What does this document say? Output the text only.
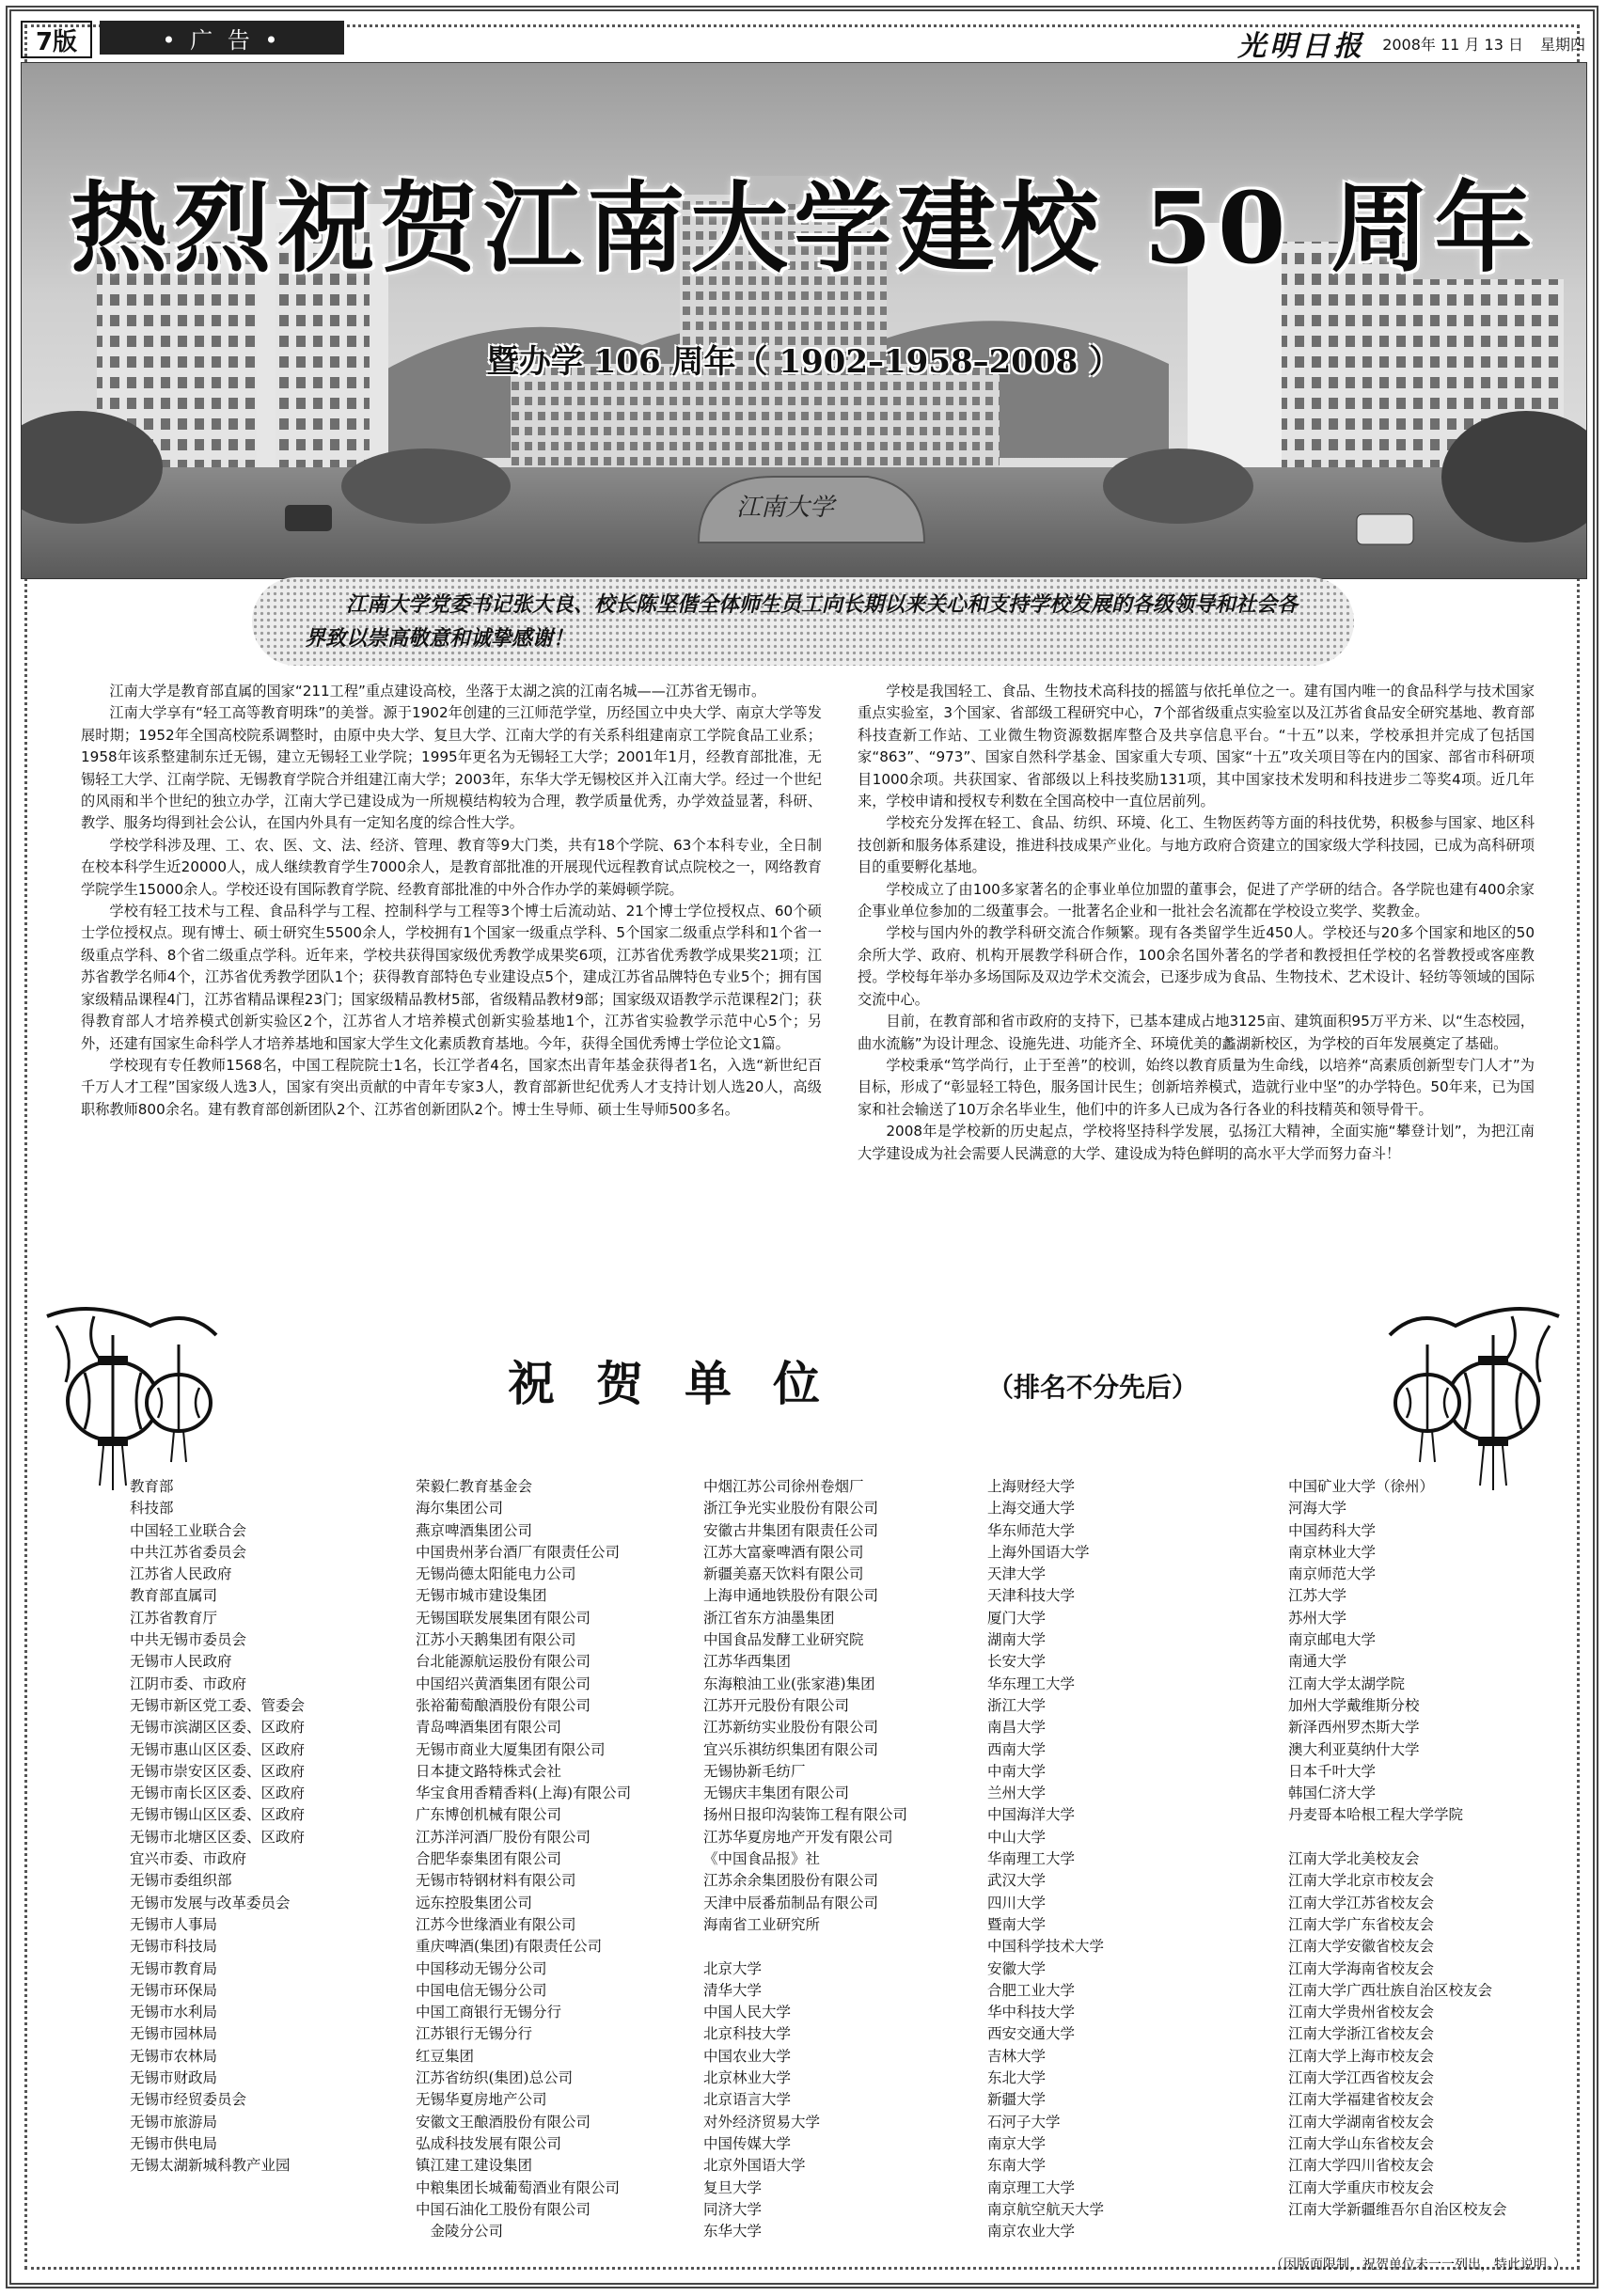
7版	• 广 告 •	光明日报 2008年 11 月 13 日 星期四
热烈祝贺江南大学建校 50 周年
暨办学 106 周年（ 1902–1958–2008 ）
江南大学

江南大学党委书记张大良、校长陈坚偕全体师生员工向长期以来关心和支持学校发展的各级领导和社会各界致以崇高敬意和诚挚感谢！

江南大学是教育部直属的国家“211工程”重点建设高校，坐落于太湖之滨的江南名城——江苏省无锡市。

江南大学享有“轻工高等教育明珠”的美誉。源于1902年创建的三江师范学堂，历经国立中央大学、南京大学等发展时期；1952年全国高校院系调整时，由原中央大学、复旦大学、江南大学的有关系科组建南京工学院食品工业系；1958年该系整建制东迁无锡，建立无锡轻工业学院；1995年更名为无锡轻工大学；2001年1月，经教育部批准，无锡轻工大学、江南学院、无锡教育学院合并组建江南大学；2003年，东华大学无锡校区并入江南大学。经过一个世纪的风雨和半个世纪的独立办学，江南大学已建设成为一所规模结构较为合理，教学质量优秀，办学效益显著，科研、教学、服务均得到社会公认，在国内外具有一定知名度的综合性大学。

学校学科涉及理、工、农、医、文、法、经济、管理、教育等9大门类，共有18个学院、63个本科专业，全日制在校本科学生近20000人，成人继续教育学生7000余人，是教育部批准的开展现代远程教育试点院校之一，网络教育学院学生15000余人。学校还设有国际教育学院、经教育部批准的中外合作办学的莱姆顿学院。

学校有轻工技术与工程、食品科学与工程、控制科学与工程等3个博士后流动站、21个博士学位授权点、60个硕士学位授权点。现有博士、硕士研究生5500余人，学校拥有1个国家一级重点学科、5个国家二级重点学科和1个省一级重点学科、8个省二级重点学科。近年来，学校共获得国家级优秀教学成果奖6项，江苏省优秀教学成果奖21项；江苏省教学名师4个，江苏省优秀教学团队1个；获得教育部特色专业建设点5个，建成江苏省品牌特色专业5个；拥有国家级精品课程4门，江苏省精品课程23门；国家级精品教材5部，省级精品教材9部；国家级双语教学示范课程2门；获得教育部人才培养模式创新实验区2个，江苏省人才培养模式创新实验基地1个，江苏省实验教学示范中心5个；另外，还建有国家生命科学人才培养基地和国家大学生文化素质教育基地。今年，获得全国优秀博士学位论文1篇。

学校现有专任教师1568名，中国工程院院士1名，长江学者4名，国家杰出青年基金获得者1名，入选“新世纪百千万人才工程”国家级人选3人，国家有突出贡献的中青年专家3人，教育部新世纪优秀人才支持计划人选20人，高级职称教师800余名。建有教育部创新团队2个、江苏省创新团队2个。博士生导师、硕士生导师500多名。

学校是我国轻工、食品、生物技术高科技的摇篮与依托单位之一。建有国内唯一的食品科学与技术国家重点实验室，3个国家、省部级工程研究中心，7个部省级重点实验室以及江苏省食品安全研究基地、教育部科技查新工作站、工业微生物资源数据库整合及共享信息平台。“十五”以来，学校承担并完成了包括国家“863”、“973”、国家自然科学基金、国家重大专项、国家“十五”攻关项目等在内的国家、部省市科研项目1000余项。共获国家、省部级以上科技奖励131项，其中国家技术发明和科技进步二等奖4项。近几年来，学校申请和授权专利数在全国高校中一直位居前列。

学校充分发挥在轻工、食品、纺织、环境、化工、生物医药等方面的科技优势，积极参与国家、地区科技创新和服务体系建设，推进科技成果产业化。与地方政府合资建立的国家级大学科技园，已成为高科研项目的重要孵化基地。

学校成立了由100多家著名的企事业单位加盟的董事会，促进了产学研的结合。各学院也建有400余家企事业单位参加的二级董事会。一批著名企业和一批社会名流都在学校设立奖学、奖教金。

学校与国内外的教学科研交流合作频繁。现有各类留学生近450人。学校还与20多个国家和地区的50余所大学、政府、机构开展教学科研合作，100余名国外著名的学者和教授担任学校的名誉教授或客座教授。学校每年举办多场国际及双边学术交流会，已逐步成为食品、生物技术、艺术设计、轻纺等领域的国际交流中心。

目前，在教育部和省市政府的支持下，已基本建成占地3125亩、建筑面积95万平方米、以“生态校园，曲水流觞”为设计理念、设施先进、功能齐全、环境优美的蠡湖新校区，为学校的百年发展奠定了基础。

学校秉承“笃学尚行，止于至善”的校训，始终以教育质量为生命线，以培养“高素质创新型专门人才”为目标，形成了“彰显轻工特色，服务国计民生；创新培养模式，造就行业中坚”的办学特色。50年来，已为国家和社会输送了10万余名毕业生，他们中的许多人已成为各行各业的科技精英和领导骨干。

2008年是学校新的历史起点，学校将坚持科学发展，弘扬江大精神，全面实施“攀登计划”，为把江南大学建设成为社会需要人民满意的大学、建设成为特色鲜明的高水平大学而努力奋斗！

祝贺单位	（排名不分先后）
教育部
科技部
中国轻工业联合会
中共江苏省委员会
江苏省人民政府
教育部直属司
江苏省教育厅
中共无锡市委员会
无锡市人民政府
江阴市委、市政府
无锡市新区党工委、管委会
无锡市滨湖区区委、区政府
无锡市惠山区区委、区政府
无锡市崇安区区委、区政府
无锡市南长区区委、区政府
无锡市锡山区区委、区政府
无锡市北塘区区委、区政府
宜兴市委、市政府
无锡市委组织部
无锡市发展与改革委员会
无锡市人事局
无锡市科技局
无锡市教育局
无锡市环保局
无锡市水利局
无锡市园林局
无锡市农林局
无锡市财政局
无锡市经贸委员会
无锡市旅游局
无锡市供电局
无锡太湖新城科教产业园
荣毅仁教育基金会
海尔集团公司
燕京啤酒集团公司
中国贵州茅台酒厂有限责任公司
无锡尚德太阳能电力公司
无锡市城市建设集团
无锡国联发展集团有限公司
江苏小天鹅集团有限公司
台北能源航运股份有限公司
中国绍兴黄酒集团有限公司
张裕葡萄酿酒股份有限公司
青岛啤酒集团有限公司
无锡市商业大厦集团有限公司
日本捷文路特株式会社
华宝食用香精香料(上海)有限公司
广东博创机械有限公司
江苏洋河酒厂股份有限公司
合肥华泰集团有限公司
无锡市特钢材料有限公司
远东控股集团公司
江苏今世缘酒业有限公司
重庆啤酒(集团)有限责任公司
中国移动无锡分公司
中国电信无锡分公司
中国工商银行无锡分行
江苏银行无锡分行
红豆集团
江苏省纺织(集团)总公司
无锡华夏房地产公司
安徽文王酿酒股份有限公司
弘成科技发展有限公司
镇江建工建设集团
中粮集团长城葡萄酒业有限公司
中国石油化工股份有限公司
金陵分公司
中烟江苏公司徐州卷烟厂
浙江争光实业股份有限公司
安徽古井集团有限责任公司
江苏大富豪啤酒有限公司
新疆美嘉天饮料有限公司
上海申通地铁股份有限公司
浙江省东方油墨集团
中国食品发酵工业研究院
江苏华西集团
东海粮油工业(张家港)集团
江苏开元股份有限公司
江苏新纺实业股份有限公司
宜兴乐祺纺织集团有限公司
无锡协新毛纺厂
无锡庆丰集团有限公司
扬州日报印沟装饰工程有限公司
江苏华夏房地产开发有限公司
《中国食品报》社
江苏余余集团股份有限公司
天津中辰番茄制品有限公司
海南省工业研究所
北京大学
清华大学
中国人民大学
北京科技大学
中国农业大学
北京林业大学
北京语言大学
对外经济贸易大学
中国传媒大学
北京外国语大学
复旦大学
同济大学
东华大学
上海财经大学
上海交通大学
华东师范大学
上海外国语大学
天津大学
天津科技大学
厦门大学
湖南大学
长安大学
华东理工大学
浙江大学
南昌大学
西南大学
中南大学
兰州大学
中国海洋大学
中山大学
华南理工大学
武汉大学
四川大学
暨南大学
中国科学技术大学
安徽大学
合肥工业大学
华中科技大学
西安交通大学
吉林大学
东北大学
新疆大学
石河子大学
南京大学
东南大学
南京理工大学
南京航空航天大学
南京农业大学
中国矿业大学（徐州）
河海大学
中国药科大学
南京林业大学
南京师范大学
江苏大学
苏州大学
南京邮电大学
南通大学
江南大学太湖学院
加州大学戴维斯分校
新泽西州罗杰斯大学
澳大利亚莫纳什大学
日本千叶大学
韩国仁济大学
丹麦哥本哈根工程大学学院
江南大学北美校友会
江南大学北京市校友会
江南大学江苏省校友会
江南大学广东省校友会
江南大学安徽省校友会
江南大学海南省校友会
江南大学广西壮族自治区校友会
江南大学贵州省校友会
江南大学浙江省校友会
江南大学上海市校友会
江南大学江西省校友会
江南大学福建省校友会
江南大学湖南省校友会
江南大学山东省校友会
江南大学四川省校友会
江南大学重庆市校友会
江南大学新疆维吾尔自治区校友会
（因版面限制，祝贺单位未一一列出，特此说明。）
